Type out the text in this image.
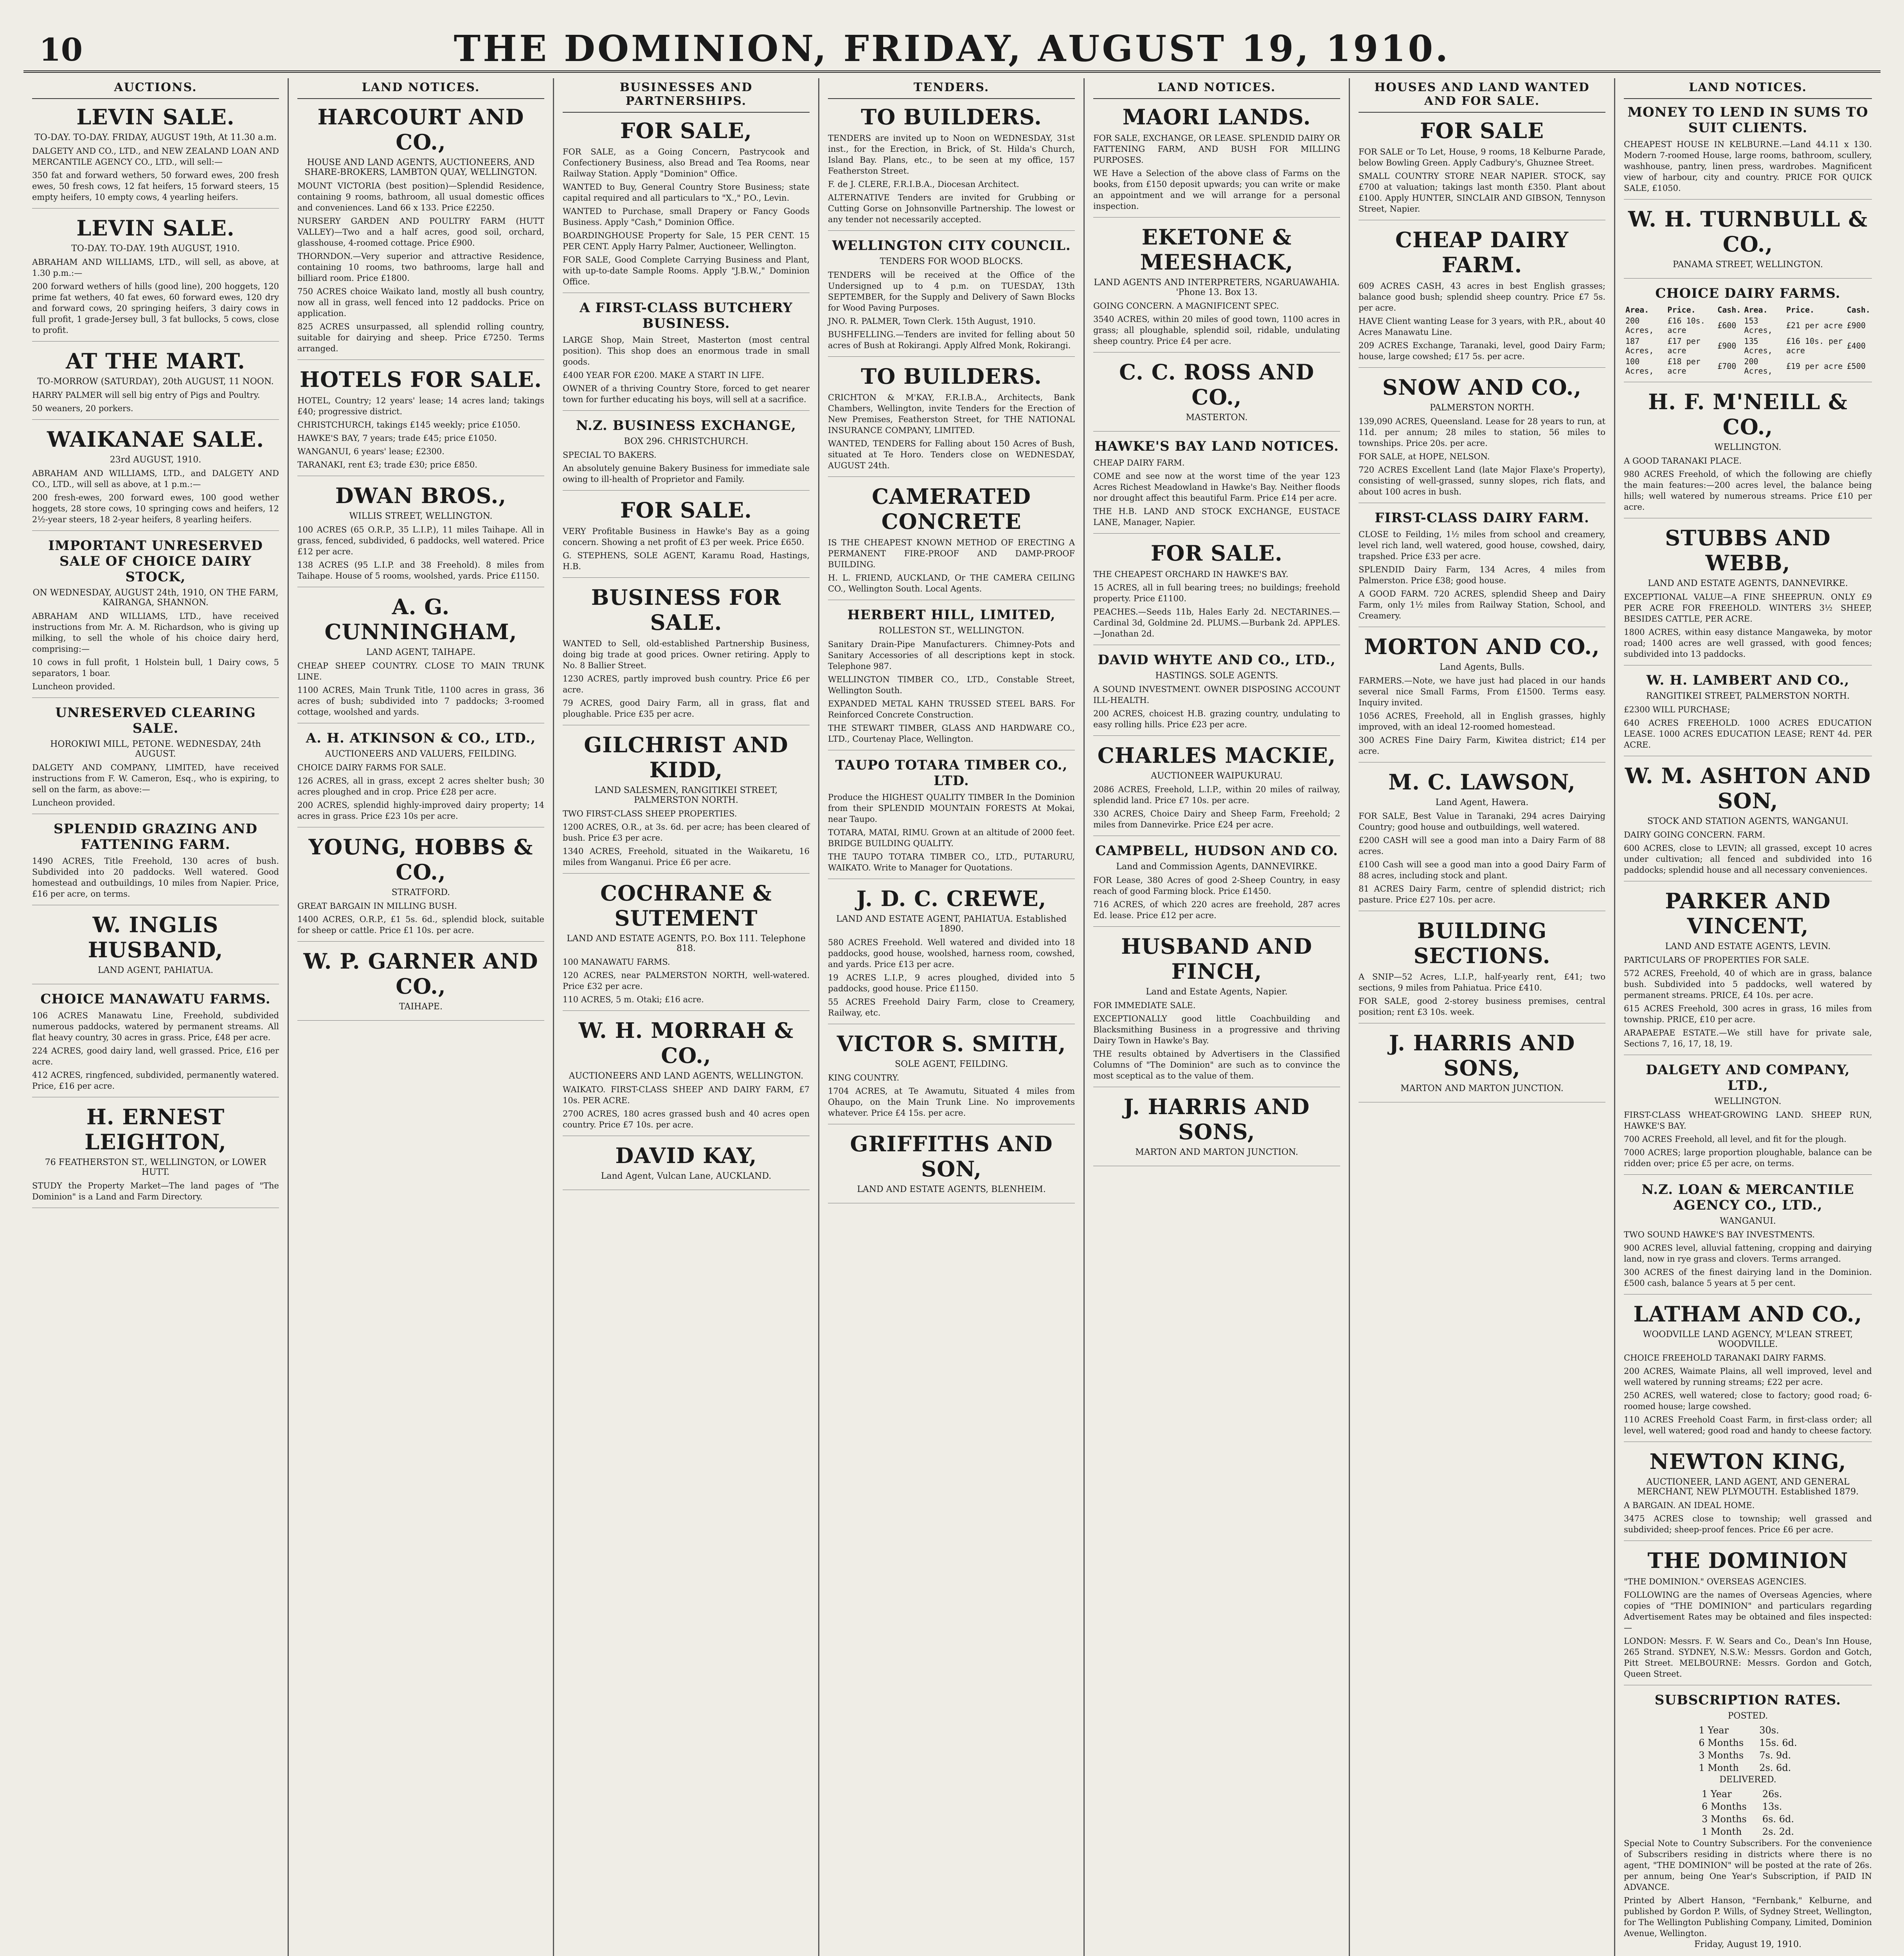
10	THE DOMINION, FRIDAY, AUGUST 19, 1910.
AUCTIONS.
LEVIN SALE.
TO-DAY. TO-DAY. FRIDAY, AUGUST 19th, At 11.30 a.m.

DALGETY AND CO., LTD., and NEW ZEALAND LOAN AND MERCANTILE AGENCY CO., LTD., will sell:—

350 fat and forward wethers, 50 forward ewes, 200 fresh ewes, 50 fresh cows, 12 fat heifers, 15 forward steers, 15 empty heifers, 10 empty cows, 4 yearling heifers.

LEVIN SALE.
TO-DAY. TO-DAY. 19th AUGUST, 1910.

ABRAHAM AND WILLIAMS, LTD., will sell, as above, at 1.30 p.m.:—

200 forward wethers of hills (good line), 200 hoggets, 120 prime fat wethers, 40 fat ewes, 60 forward ewes, 120 dry and forward cows, 20 springing heifers, 3 dairy cows in full profit, 1 grade-Jersey bull, 3 fat bullocks, 5 cows, close to profit.

AT THE MART.
TO-MORROW (SATURDAY), 20th AUGUST, 11 NOON.

HARRY PALMER will sell big entry of Pigs and Poultry.

50 weaners, 20 porkers.

WAIKANAE SALE.
23rd AUGUST, 1910.

ABRAHAM AND WILLIAMS, LTD., and DALGETY AND CO., LTD., will sell as above, at 1 p.m.:—

200 fresh-ewes, 200 forward ewes, 100 good wether hoggets, 28 store cows, 10 springing cows and heifers, 12 2½-year steers, 18 2-year heifers, 8 yearling heifers.

IMPORTANT UNRESERVED SALE OF CHOICE DAIRY STOCK,
ON WEDNESDAY, AUGUST 24th, 1910, ON THE FARM, KAIRANGA, SHANNON.

ABRAHAM AND WILLIAMS, LTD., have received instructions from Mr. A. M. Richardson, who is giving up milking, to sell the whole of his choice dairy herd, comprising:—

10 cows in full profit, 1 Holstein bull, 1 Dairy cows, 5 separators, 1 boar.

Luncheon provided.

UNRESERVED CLEARING SALE.
HOROKIWI MILL, PETONE. WEDNESDAY, 24th AUGUST.

DALGETY AND COMPANY, LIMITED, have received instructions from F. W. Cameron, Esq., who is expiring, to sell on the farm, as above:—

Luncheon provided.

SPLENDID GRAZING AND FATTENING FARM.

1490 ACRES, Title Freehold, 130 acres of bush. Subdivided into 20 paddocks. Well watered. Good homestead and outbuildings, 10 miles from Napier. Price, £16 per acre, on terms.

W. INGLIS HUSBAND,
LAND AGENT, PAHIATUA.
CHOICE MANAWATU FARMS.

106 ACRES Manawatu Line, Freehold, subdivided numerous paddocks, watered by permanent streams. All flat heavy country, 30 acres in grass. Price, £48 per acre.

224 ACRES, good dairy land, well grassed. Price, £16 per acre.

412 ACRES, ringfenced, subdivided, permanently watered. Price, £16 per acre.

H. ERNEST LEIGHTON,
76 FEATHERSTON ST., WELLINGTON, or LOWER HUTT.

STUDY the Property Market—The land pages of "The Dominion" is a Land and Farm Directory.

LAND NOTICES.
HARCOURT AND CO.,
HOUSE AND LAND AGENTS, AUCTIONEERS, AND SHARE-BROKERS, LAMBTON QUAY, WELLINGTON.

MOUNT VICTORIA (best position)—Splendid Residence, containing 9 rooms, bathroom, all usual domestic offices and conveniences. Land 66 x 133. Price £2250.

NURSERY GARDEN AND POULTRY FARM (HUTT VALLEY)—Two and a half acres, good soil, orchard, glasshouse, 4-roomed cottage. Price £900.

THORNDON.—Very superior and attractive Residence, containing 10 rooms, two bathrooms, large hall and billiard room. Price £1800.

750 ACRES choice Waikato land, mostly all bush country, now all in grass, well fenced into 12 paddocks. Price on application.

825 ACRES unsurpassed, all splendid rolling country, suitable for dairying and sheep. Price £7250. Terms arranged.

HOTELS FOR SALE.

HOTEL, Country; 12 years' lease; 14 acres land; takings £40; progressive district.

CHRISTCHURCH, takings £145 weekly; price £1050.

HAWKE'S BAY, 7 years; trade £45; price £1050.

WANGANUI, 6 years' lease; £2300.

TARANAKI, rent £3; trade £30; price £850.

DWAN BROS.,
WILLIS STREET, WELLINGTON.

100 ACRES (65 O.R.P., 35 L.I.P.), 11 miles Taihape. All in grass, fenced, subdivided, 6 paddocks, well watered. Price £12 per acre.

138 ACRES (95 L.I.P. and 38 Freehold). 8 miles from Taihape. House of 5 rooms, woolshed, yards. Price £1150.

A. G. CUNNINGHAM,
LAND AGENT, TAIHAPE.

CHEAP SHEEP COUNTRY. CLOSE TO MAIN TRUNK LINE.

1100 ACRES, Main Trunk Title, 1100 acres in grass, 36 acres of bush; subdivided into 7 paddocks; 3-roomed cottage, woolshed and yards.

A. H. ATKINSON & CO., LTD.,
AUCTIONEERS AND VALUERS, FEILDING.

CHOICE DAIRY FARMS FOR SALE.

126 ACRES, all in grass, except 2 acres shelter bush; 30 acres ploughed and in crop. Price £28 per acre.

200 ACRES, splendid highly-improved dairy property; 14 acres in grass. Price £23 10s per acre.

YOUNG, HOBBS & CO.,
STRATFORD.

GREAT BARGAIN IN MILLING BUSH.

1400 ACRES, O.R.P., £1 5s. 6d., splendid block, suitable for sheep or cattle. Price £1 10s. per acre.

W. P. GARNER AND CO.,
TAIHAPE.
BUSINESSES AND PARTNERSHIPS.
FOR SALE,

FOR SALE, as a Going Concern, Pastrycook and Confectionery Business, also Bread and Tea Rooms, near Railway Station. Apply "Dominion" Office.

WANTED to Buy, General Country Store Business; state capital required and all particulars to "X.," P.O., Levin.

WANTED to Purchase, small Drapery or Fancy Goods Business. Apply "Cash," Dominion Office.

BOARDINGHOUSE Property for Sale, 15 PER CENT. 15 PER CENT. Apply Harry Palmer, Auctioneer, Wellington.

FOR SALE, Good Complete Carrying Business and Plant, with up-to-date Sample Rooms. Apply "J.B.W.," Dominion Office.

A FIRST-CLASS BUTCHERY BUSINESS.

LARGE Shop, Main Street, Masterton (most central position). This shop does an enormous trade in small goods.

£400 YEAR FOR £200. MAKE A START IN LIFE.

OWNER of a thriving Country Store, forced to get nearer town for further educating his boys, will sell at a sacrifice.

N.Z. BUSINESS EXCHANGE,
BOX 296. CHRISTCHURCH.

SPECIAL TO BAKERS.

An absolutely genuine Bakery Business for immediate sale owing to ill-health of Proprietor and Family.

FOR SALE.

VERY Profitable Business in Hawke's Bay as a going concern. Showing a net profit of £3 per week. Price £650.

G. STEPHENS, SOLE AGENT, Karamu Road, Hastings, H.B.

BUSINESS FOR SALE.

WANTED to Sell, old-established Partnership Business, doing big trade at good prices. Owner retiring. Apply to No. 8 Ballier Street.

1230 ACRES, partly improved bush country. Price £6 per acre.

79 ACRES, good Dairy Farm, all in grass, flat and ploughable. Price £35 per acre.

GILCHRIST AND KIDD,
LAND SALESMEN, RANGITIKEI STREET, PALMERSTON NORTH.

TWO FIRST-CLASS SHEEP PROPERTIES.

1200 ACRES, O.R., at 3s. 6d. per acre; has been cleared of bush. Price £3 per acre.

1340 ACRES, Freehold, situated in the Waikaretu, 16 miles from Wanganui. Price £6 per acre.

COCHRANE & SUTEMENT
LAND AND ESTATE AGENTS, P.O. Box 111. Telephone 818.

100 MANAWATU FARMS.

120 ACRES, near PALMERSTON NORTH, well-watered. Price £32 per acre.

110 ACRES, 5 m. Otaki; £16 acre.

W. H. MORRAH & CO.,
AUCTIONEERS AND LAND AGENTS, WELLINGTON.

WAIKATO. FIRST-CLASS SHEEP AND DAIRY FARM, £7 10s. PER ACRE.

2700 ACRES, 180 acres grassed bush and 40 acres open country. Price £7 10s. per acre.

DAVID KAY,
Land Agent, Vulcan Lane, AUCKLAND.
TENDERS.
TO BUILDERS.

TENDERS are invited up to Noon on WEDNESDAY, 31st inst., for the Erection, in Brick, of St. Hilda's Church, Island Bay. Plans, etc., to be seen at my office, 157 Featherston Street.

F. de J. CLERE, F.R.I.B.A., Diocesan Architect.

ALTERNATIVE Tenders are invited for Grubbing or Cutting Gorse on Johnsonville Partnership. The lowest or any tender not necessarily accepted.

WELLINGTON CITY COUNCIL.
TENDERS FOR WOOD BLOCKS.

TENDERS will be received at the Office of the Undersigned up to 4 p.m. on TUESDAY, 13th SEPTEMBER, for the Supply and Delivery of Sawn Blocks for Wood Paving Purposes.

JNO. R. PALMER, Town Clerk. 15th August, 1910.

BUSHFELLING.—Tenders are invited for felling about 50 acres of Bush at Rokirangi. Apply Alfred Monk, Rokirangi.

TO BUILDERS.

CRICHTON & M'KAY, F.R.I.B.A., Architects, Bank Chambers, Wellington, invite Tenders for the Erection of New Premises, Featherston Street, for THE NATIONAL INSURANCE COMPANY, LIMITED.

WANTED, TENDERS for Falling about 150 Acres of Bush, situated at Te Horo. Tenders close on WEDNESDAY, AUGUST 24th.

CAMERATED CONCRETE

IS THE CHEAPEST KNOWN METHOD OF ERECTING A PERMANENT FIRE-PROOF AND DAMP-PROOF BUILDING.

H. L. FRIEND, AUCKLAND, Or THE CAMERA CEILING CO., Wellington South. Local Agents.

HERBERT HILL, LIMITED,
ROLLESTON ST., WELLINGTON.

Sanitary Drain-Pipe Manufacturers. Chimney-Pots and Sanitary Accessories of all descriptions kept in stock. Telephone 987.

WELLINGTON TIMBER CO., LTD., Constable Street, Wellington South.

EXPANDED METAL KAHN TRUSSED STEEL BARS. For Reinforced Concrete Construction.

THE STEWART TIMBER, GLASS AND HARDWARE CO., LTD., Courtenay Place, Wellington.

TAUPO TOTARA TIMBER CO., LTD.

Produce the HIGHEST QUALITY TIMBER In the Dominion from their SPLENDID MOUNTAIN FORESTS At Mokai, near Taupo.

TOTARA, MATAI, RIMU. Grown at an altitude of 2000 feet. BRIDGE BUILDING QUALITY.

THE TAUPO TOTARA TIMBER CO., LTD., PUTARURU, WAIKATO. Write to Manager for Quotations.

J. D. C. CREWE,
LAND AND ESTATE AGENT, PAHIATUA. Established 1890.

580 ACRES Freehold. Well watered and divided into 18 paddocks, good house, woolshed, harness room, cowshed, and yards. Price £13 per acre.

19 ACRES L.I.P., 9 acres ploughed, divided into 5 paddocks, good house. Price £1150.

55 ACRES Freehold Dairy Farm, close to Creamery, Railway, etc.

VICTOR S. SMITH,
SOLE AGENT, FEILDING.

KING COUNTRY.

1704 ACRES, at Te Awamutu, Situated 4 miles from Ohaupo, on the Main Trunk Line. No improvements whatever. Price £4 15s. per acre.

GRIFFITHS AND SON,
LAND AND ESTATE AGENTS, BLENHEIM.
LAND NOTICES.
MAORI LANDS.

FOR SALE, EXCHANGE, OR LEASE. SPLENDID DAIRY OR FATTENING FARM, AND BUSH FOR MILLING PURPOSES.

WE Have a Selection of the above class of Farms on the books, from £150 deposit upwards; you can write or make an appointment and we will arrange for a personal inspection.

EKETONE & MEESHACK,
LAND AGENTS AND INTERPRETERS, NGARUAWAHIA. 'Phone 13. Box 13.

GOING CONCERN. A MAGNIFICENT SPEC.

3540 ACRES, within 20 miles of good town, 1100 acres in grass; all ploughable, splendid soil, ridable, undulating sheep country. Price £4 per acre.

C. C. ROSS AND CO.,
MASTERTON.
HAWKE'S BAY LAND NOTICES.

CHEAP DAIRY FARM.

COME and see now at the worst time of the year 123 Acres Richest Meadowland in Hawke's Bay. Neither floods nor drought affect this beautiful Farm. Price £14 per acre.

THE H.B. LAND AND STOCK EXCHANGE, EUSTACE LANE, Manager, Napier.

FOR SALE.

THE CHEAPEST ORCHARD IN HAWKE'S BAY.

15 ACRES, all in full bearing trees; no buildings; freehold property. Price £1100.

PEACHES.—Seeds 11b, Hales Early 2d. NECTARINES.—Cardinal 3d, Goldmine 2d. PLUMS.—Burbank 2d. APPLES.—Jonathan 2d.

DAVID WHYTE AND CO., LTD.,
HASTINGS. SOLE AGENTS.

A SOUND INVESTMENT. OWNER DISPOSING ACCOUNT ILL-HEALTH.

200 ACRES, choicest H.B. grazing country, undulating to easy rolling hills. Price £23 per acre.

CHARLES MACKIE,
AUCTIONEER WAIPUKURAU.

2086 ACRES, Freehold, L.I.P., within 20 miles of railway, splendid land. Price £7 10s. per acre.

330 ACRES, Choice Dairy and Sheep Farm, Freehold; 2 miles from Dannevirke. Price £24 per acre.

CAMPBELL, HUDSON AND CO.
Land and Commission Agents, DANNEVIRKE.

FOR Lease, 380 Acres of good 2-Sheep Country, in easy reach of good Farming block. Price £1450.

716 ACRES, of which 220 acres are freehold, 287 acres Ed. lease. Price £12 per acre.

HUSBAND AND FINCH,
Land and Estate Agents, Napier.

FOR IMMEDIATE SALE.

EXCEPTIONALLY good little Coachbuilding and Blacksmithing Business in a progressive and thriving Dairy Town in Hawke's Bay.

THE results obtained by Advertisers in the Classified Columns of "The Dominion" are such as to convince the most sceptical as to the value of them.

J. HARRIS AND SONS,
MARTON AND MARTON JUNCTION.
HOUSES AND LAND WANTED AND FOR SALE.
FOR SALE

FOR SALE or To Let, House, 9 rooms, 18 Kelburne Parade, below Bowling Green. Apply Cadbury's, Ghuznee Street.

SMALL COUNTRY STORE NEAR NAPIER. STOCK, say £700 at valuation; takings last month £350. Plant about £100. Apply HUNTER, SINCLAIR AND GIBSON, Tennyson Street, Napier.

CHEAP DAIRY FARM.

609 ACRES CASH, 43 acres in best English grasses; balance good bush; splendid sheep country. Price £7 5s. per acre.

HAVE Client wanting Lease for 3 years, with P.R., about 40 Acres Manawatu Line.

209 ACRES Exchange, Taranaki, level, good Dairy Farm; house, large cowshed; £17 5s. per acre.

SNOW AND CO.,
PALMERSTON NORTH.

139,090 ACRES, Queensland. Lease for 28 years to run, at 11d. per annum; 28 miles to station, 56 miles to townships. Price 20s. per acre.

FOR SALE, at HOPE, NELSON.

720 ACRES Excellent Land (late Major Flaxe's Property), consisting of well-grassed, sunny slopes, rich flats, and about 100 acres in bush.

FIRST-CLASS DAIRY FARM.

CLOSE to Feilding, 1½ miles from school and creamery, level rich land, well watered, good house, cowshed, dairy, trapshed. Price £33 per acre.

SPLENDID Dairy Farm, 134 Acres, 4 miles from Palmerston. Price £38; good house.

A GOOD FARM. 720 ACRES, splendid Sheep and Dairy Farm, only 1½ miles from Railway Station, School, and Creamery.

MORTON AND CO.,
Land Agents, Bulls.

FARMERS.—Note, we have just had placed in our hands several nice Small Farms, From £1500. Terms easy. Inquiry invited.

1056 ACRES, Freehold, all in English grasses, highly improved, with an ideal 12-roomed homestead.

300 ACRES Fine Dairy Farm, Kiwitea district; £14 per acre.

M. C. LAWSON,
Land Agent, Hawera.

FOR SALE, Best Value in Taranaki, 294 acres Dairying Country; good house and outbuildings, well watered.

£200 CASH will see a good man into a Dairy Farm of 88 acres.

£100 Cash will see a good man into a good Dairy Farm of 88 acres, including stock and plant.

81 ACRES Dairy Farm, centre of splendid district; rich pasture. Price £27 10s. per acre.

BUILDING SECTIONS.

A SNIP—52 Acres, L.I.P., half-yearly rent, £41; two sections, 9 miles from Pahiatua. Price £410.

FOR SALE, good 2-storey business premises, central position; rent £3 10s. week.

J. HARRIS AND SONS,
MARTON AND MARTON JUNCTION.
LAND NOTICES.
MONEY TO LEND IN SUMS TO SUIT CLIENTS.

CHEAPEST HOUSE IN KELBURNE.—Land 44.11 x 130. Modern 7-roomed House, large rooms, bathroom, scullery, washhouse, pantry, linen press, wardrobes. Magnificent view of harbour, city and country. PRICE FOR QUICK SALE, £1050.

W. H. TURNBULL & CO.,
PANAMA STREET, WELLINGTON.
CHOICE DAIRY FARMS.
Area.	Price.	Cash.	Area.	Price.	Cash.
200 Acres,	£16 10s. acre	£600	153 Acres,	£21 per acre	£900
187 Acres,	£17 per acre	£900	135 Acres,	£16 10s. per acre	£400
100 Acres,	£18 per acre	£700	200 Acres,	£19 per acre	£500
H. F. M'NEILL & CO.,
WELLINGTON.

A GOOD TARANAKI PLACE.

980 ACRES Freehold, of which the following are chiefly the main features:—200 acres level, the balance being hills; well watered by numerous streams. Price £10 per acre.

STUBBS AND WEBB,
LAND AND ESTATE AGENTS, DANNEVIRKE.

EXCEPTIONAL VALUE—A FINE SHEEPRUN. ONLY £9 PER ACRE FOR FREEHOLD. WINTERS 3½ SHEEP, BESIDES CATTLE, PER ACRE.

1800 ACRES, within easy distance Mangaweka, by motor road; 1400 acres are well grassed, with good fences; subdivided into 13 paddocks.

W. H. LAMBERT AND CO.,
RANGITIKEI STREET, PALMERSTON NORTH.

£2300 WILL PURCHASE;

640 ACRES FREEHOLD. 1000 ACRES EDUCATION LEASE. 1000 ACRES EDUCATION LEASE; RENT 4d. PER ACRE.

W. M. ASHTON AND SON,
STOCK AND STATION AGENTS, WANGANUI.

DAIRY GOING CONCERN. FARM.

600 ACRES, close to LEVIN; all grassed, except 10 acres under cultivation; all fenced and subdivided into 16 paddocks; splendid house and all necessary conveniences.

PARKER AND VINCENT,
LAND AND ESTATE AGENTS, LEVIN.

PARTICULARS OF PROPERTIES FOR SALE.

572 ACRES, Freehold, 40 of which are in grass, balance bush. Subdivided into 5 paddocks, well watered by permanent streams. PRICE, £4 10s. per acre.

615 ACRES Freehold, 300 acres in grass, 16 miles from township. PRICE, £10 per acre.

ARAPAEPAE ESTATE.—We still have for private sale, Sections 7, 16, 17, 18, 19.

DALGETY AND COMPANY, LTD.,
WELLINGTON.

FIRST-CLASS WHEAT-GROWING LAND. SHEEP RUN, HAWKE'S BAY.

700 ACRES Freehold, all level, and fit for the plough.

7000 ACRES; large proportion ploughable, balance can be ridden over; price £5 per acre, on terms.

N.Z. LOAN & MERCANTILE AGENCY CO., LTD.,
WANGANUI.

TWO SOUND HAWKE'S BAY INVESTMENTS.

900 ACRES level, alluvial fattening, cropping and dairying land, now in rye grass and clovers. Terms arranged.

300 ACRES of the finest dairying land in the Dominion. £500 cash, balance 5 years at 5 per cent.

LATHAM AND CO.,
WOODVILLE LAND AGENCY, M'LEAN STREET, WOODVILLE.

CHOICE FREEHOLD TARANAKI DAIRY FARMS.

200 ACRES, Waimate Plains, all well improved, level and well watered by running streams; £22 per acre.

250 ACRES, well watered; close to factory; good road; 6-roomed house; large cowshed.

110 ACRES Freehold Coast Farm, in first-class order; all level, well watered; good road and handy to cheese factory.

NEWTON KING,
AUCTIONEER, LAND AGENT, AND GENERAL MERCHANT, NEW PLYMOUTH. Established 1879.

A BARGAIN. AN IDEAL HOME.

3475 ACRES close to township; well grassed and subdivided; sheep-proof fences. Price £6 per acre.

THE DOMINION

"THE DOMINION." OVERSEAS AGENCIES.

FOLLOWING are the names of Overseas Agencies, where copies of "THE DOMINION" and particulars regarding Advertisement Rates may be obtained and files inspected:—

LONDON: Messrs. F. W. Sears and Co., Dean's Inn House, 265 Strand. SYDNEY, N.S.W.: Messrs. Gordon and Gotch, Pitt Street. MELBOURNE: Messrs. Gordon and Gotch, Queen Street.

SUBSCRIPTION RATES.
POSTED.
1 Year	30s.
6 Months	15s. 6d.
3 Months	7s. 9d.
1 Month	2s. 6d.
DELIVERED.
1 Year	26s.
6 Months	13s.
3 Months	6s. 6d.
1 Month	2s. 2d.

Special Note to Country Subscribers. For the convenience of Subscribers residing in districts where there is no agent, "THE DOMINION" will be posted at the rate of 26s. per annum, being One Year's Subscription, if PAID IN ADVANCE.

Printed by Albert Hanson, "Fernbank," Kelburne, and published by Gordon P. Wills, of Sydney Street, Wellington, for The Wellington Publishing Company, Limited, Dominion Avenue, Wellington.

Friday, August 19, 1910.
